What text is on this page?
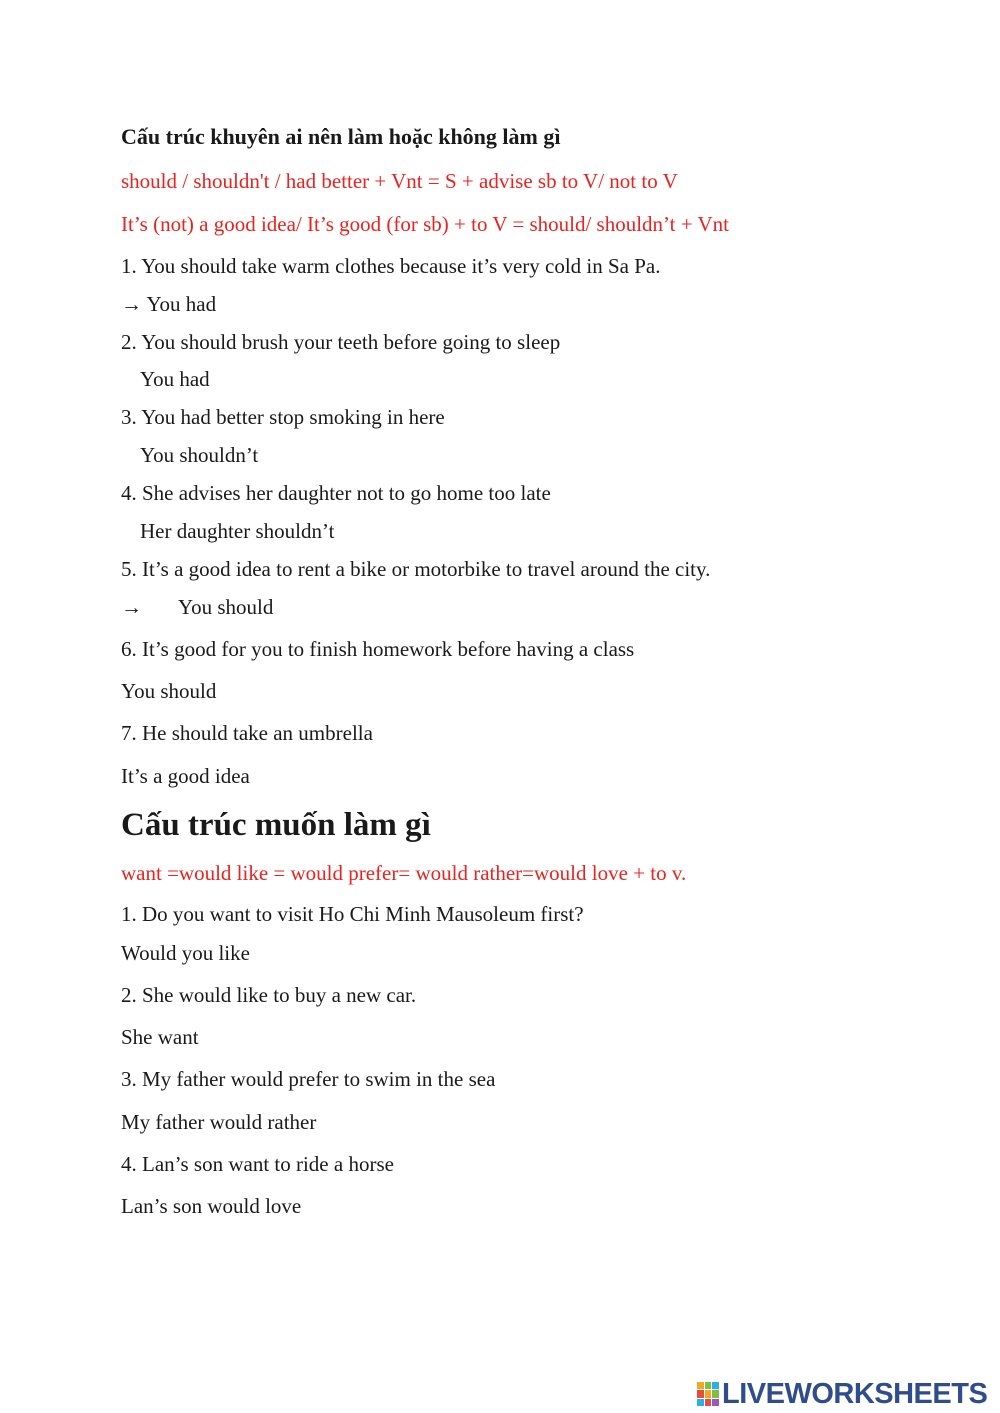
Cấu trúc khuyên ai nên làm hoặc không làm gì
should / shouldn't / had better + Vnt = S + advise sb to V/ not to V
It’s (not) a good idea/ It’s good (for sb) + to V = should/ shouldn’t + Vnt
1. You should take warm clothes because it’s very cold in Sa Pa.
→ You had
2. You should brush your teeth before going to sleep
You had
3. You had better stop smoking in here
You shouldn’t
4. She advises her daughter not to go home too late
Her daughter shouldn’t
5. It’s a good idea to rent a bike or motorbike to travel around the city.
→ You should
6. It’s good for you to finish homework before having a class
You should
7. He should take an umbrella
It’s a good idea
Cấu trúc muốn làm gì
want =would like = would prefer= would rather=would love + to v.
1. Do you want to visit Ho Chi Minh Mausoleum first?
Would you like
2. She would like to buy a new car.
She want
3. My father would prefer to swim in the sea
My father would rather
4. Lan’s son want to ride a horse
Lan’s son would love
LIVEWORKSHEETS
